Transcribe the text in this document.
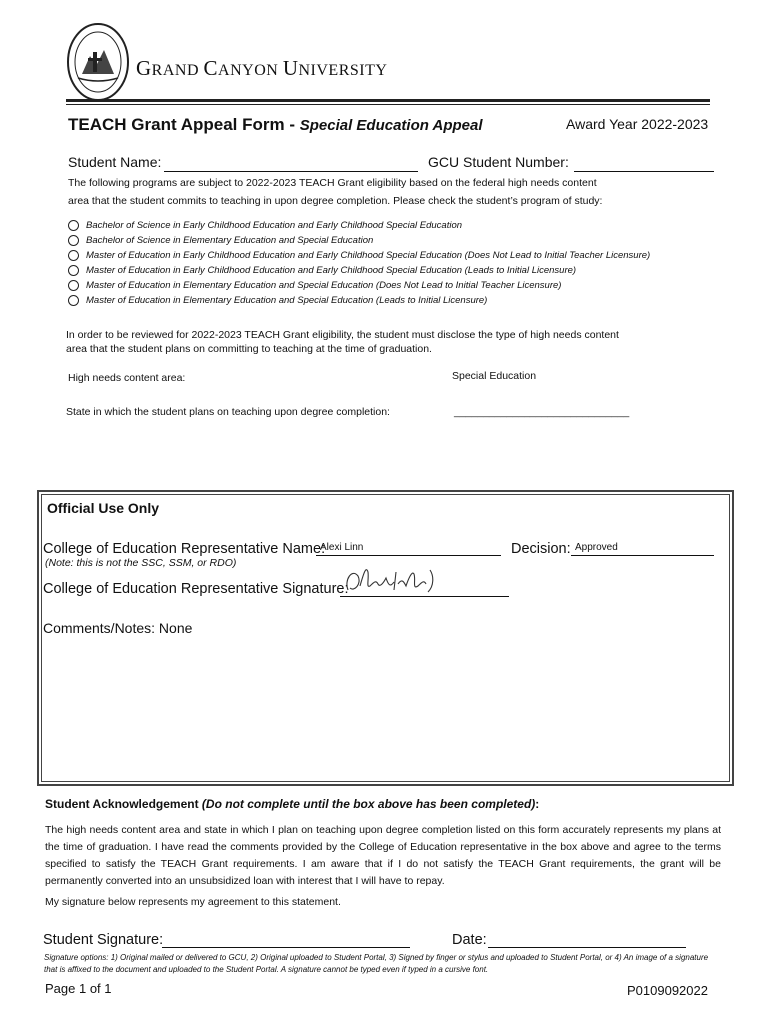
GRAND CANYON UNIVERSITY
TEACH Grant Appeal Form - Special Education Appeal	Award Year 2022-2023
Student Name:	GCU Student Number:
The following programs are subject to 2022-2023 TEACH Grant eligibility based on the federal high needs content
area that the student commits to teaching in upon degree completion. Please check the student’s program of study:
Bachelor of Science in Early Childhood Education and Early Childhood Special Education
Bachelor of Science in Elementary Education and Special Education
Master of Education in Early Childhood Education and Early Childhood Special Education (Does Not Lead to Initial Teacher Licensure)
Master of Education in Early Childhood Education and Early Childhood Special Education (Leads to Initial Licensure)
Master of Education in Elementary Education and Special Education (Does Not Lead to Initial Teacher Licensure)
Master of Education in Elementary Education and Special Education (Leads to Initial Licensure)
In order to be reviewed for 2022-2023 TEACH Grant eligibility, the student must disclose the type of high needs content
area that the student plans on committing to teaching at the time of graduation.
High needs content area:	Special Education
State in which the student plans on teaching upon degree completion:	______________________________
Official Use Only
College of Education Representative Name:
Alexi Linn	Decision: Approved
(Note: this is not the SSC, SSM, or RDO)
College of Education Representative Signature:
Comments/Notes: None
Student Acknowledgement (Do not complete until the box above has been completed):
The high needs content area and state in which I plan on teaching upon degree completion listed on this form accurately represents my plans at the time of graduation. I have read the comments provided by the College of Education representative in the box above and agree to the terms specified to satisfy the TEACH Grant requirements. I am aware that if I do not satisfy the TEACH Grant requirements, the grant will be permanently converted into an unsubsidized loan with interest that I will have to repay.
My signature below represents my agreement to this statement.
Student Signature:	Date:
Signature options: 1) Original mailed or delivered to GCU, 2) Original uploaded to Student Portal, 3) Signed by finger or stylus and uploaded to Student Portal, or 4) An image of a signature that is affixed to the document and uploaded to the Student Portal. A signature cannot be typed even if typed in a cursive font.
Page 1 of 1	P0109092022
